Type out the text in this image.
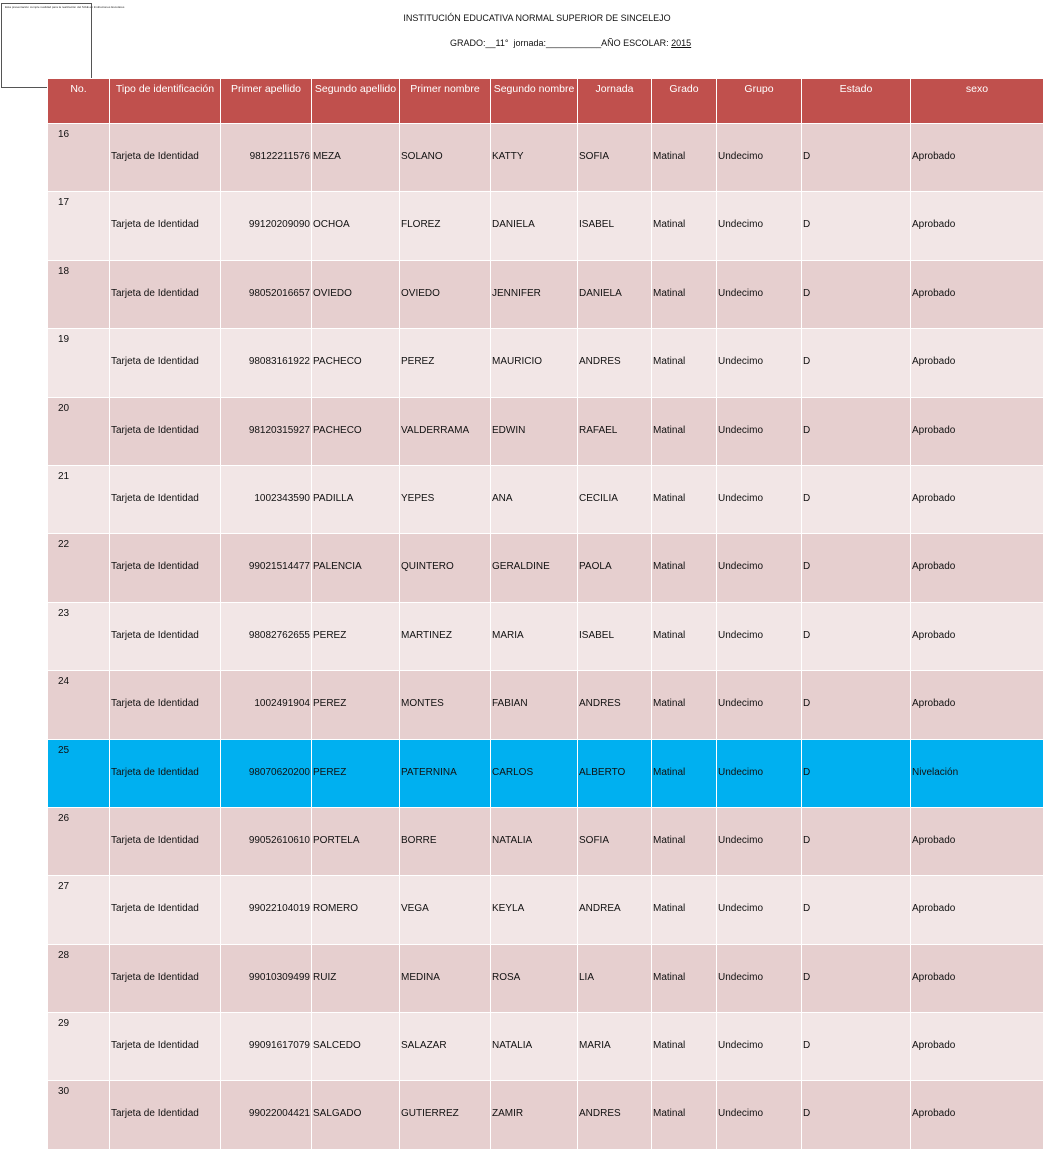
Esta presentación cumple realidad para la realización del SIAE en Instituciones Escolares
INSTITUCIÓN EDUCATIVA NORMAL SUPERIOR DE SINCELEJO
GRADO:__11° jornada:___________AÑO ESCOLAR: 2015
No.	Tipo de identificación	Primer apellido	Segundo apellido	Primer nombre	Segundo nombre	Jornada	Grado	Grupo	Estado	sexo
16	Tarjeta de Identidad	98122211576	MEZA	SOLANO	KATTY	SOFIA	Matinal	Undecimo	D	Aprobado
17	Tarjeta de Identidad	99120209090	OCHOA	FLOREZ	DANIELA	ISABEL	Matinal	Undecimo	D	Aprobado
18	Tarjeta de Identidad	98052016657	OVIEDO	OVIEDO	JENNIFER	DANIELA	Matinal	Undecimo	D	Aprobado
19	Tarjeta de Identidad	98083161922	PACHECO	PEREZ	MAURICIO	ANDRES	Matinal	Undecimo	D	Aprobado
20	Tarjeta de Identidad	98120315927	PACHECO	VALDERRAMA	EDWIN	RAFAEL	Matinal	Undecimo	D	Aprobado
21	Tarjeta de Identidad	1002343590	PADILLA	YEPES	ANA	CECILIA	Matinal	Undecimo	D	Aprobado
22	Tarjeta de Identidad	99021514477	PALENCIA	QUINTERO	GERALDINE	PAOLA	Matinal	Undecimo	D	Aprobado
23	Tarjeta de Identidad	98082762655	PEREZ	MARTINEZ	MARIA	ISABEL	Matinal	Undecimo	D	Aprobado
24	Tarjeta de Identidad	1002491904	PEREZ	MONTES	FABIAN	ANDRES	Matinal	Undecimo	D	Aprobado
25	Tarjeta de Identidad	98070620200	PEREZ	PATERNINA	CARLOS	ALBERTO	Matinal	Undecimo	D	Nivelación
26	Tarjeta de Identidad	99052610610	PORTELA	BORRE	NATALIA	SOFIA	Matinal	Undecimo	D	Aprobado
27	Tarjeta de Identidad	99022104019	ROMERO	VEGA	KEYLA	ANDREA	Matinal	Undecimo	D	Aprobado
28	Tarjeta de Identidad	99010309499	RUIZ	MEDINA	ROSA	LIA	Matinal	Undecimo	D	Aprobado
29	Tarjeta de Identidad	99091617079	SALCEDO	SALAZAR	NATALIA	MARIA	Matinal	Undecimo	D	Aprobado
30	Tarjeta de Identidad	99022004421	SALGADO	GUTIERREZ	ZAMIR	ANDRES	Matinal	Undecimo	D	Aprobado
